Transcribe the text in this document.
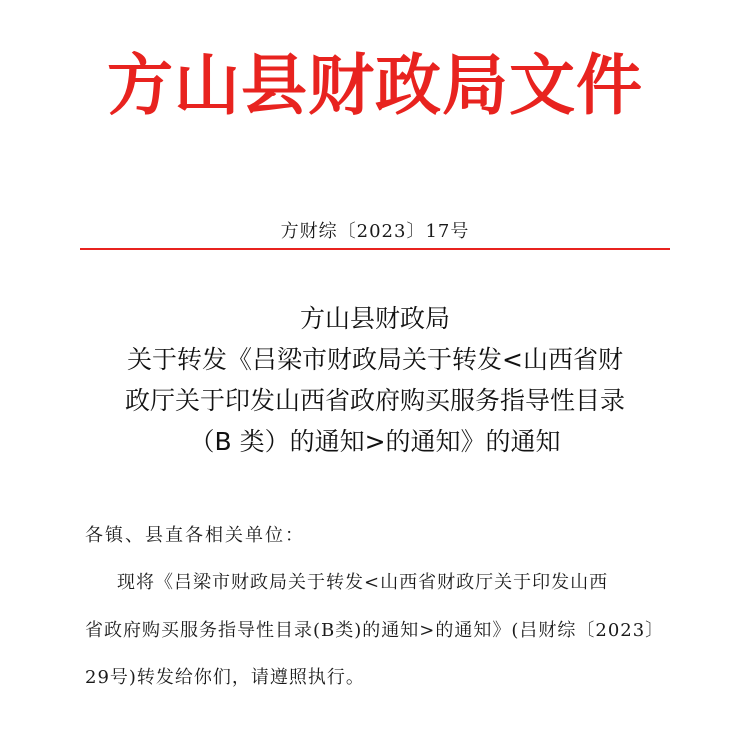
方山县财政局文件
方财综〔2023〕17号
方山县财政局
关于转发《吕梁市财政局关于转发<山西省财
政厅关于印发山西省政府购买服务指导性目录
（B 类）的通知>的通知》的通知
各镇、县直各相关单位：
现将《吕梁市财政局关于转发<山西省财政厅关于印发山西
省政府购买服务指导性目录(B类)的通知>的通知》(吕财综〔2023〕
29号)转发给你们，请遵照执行。
